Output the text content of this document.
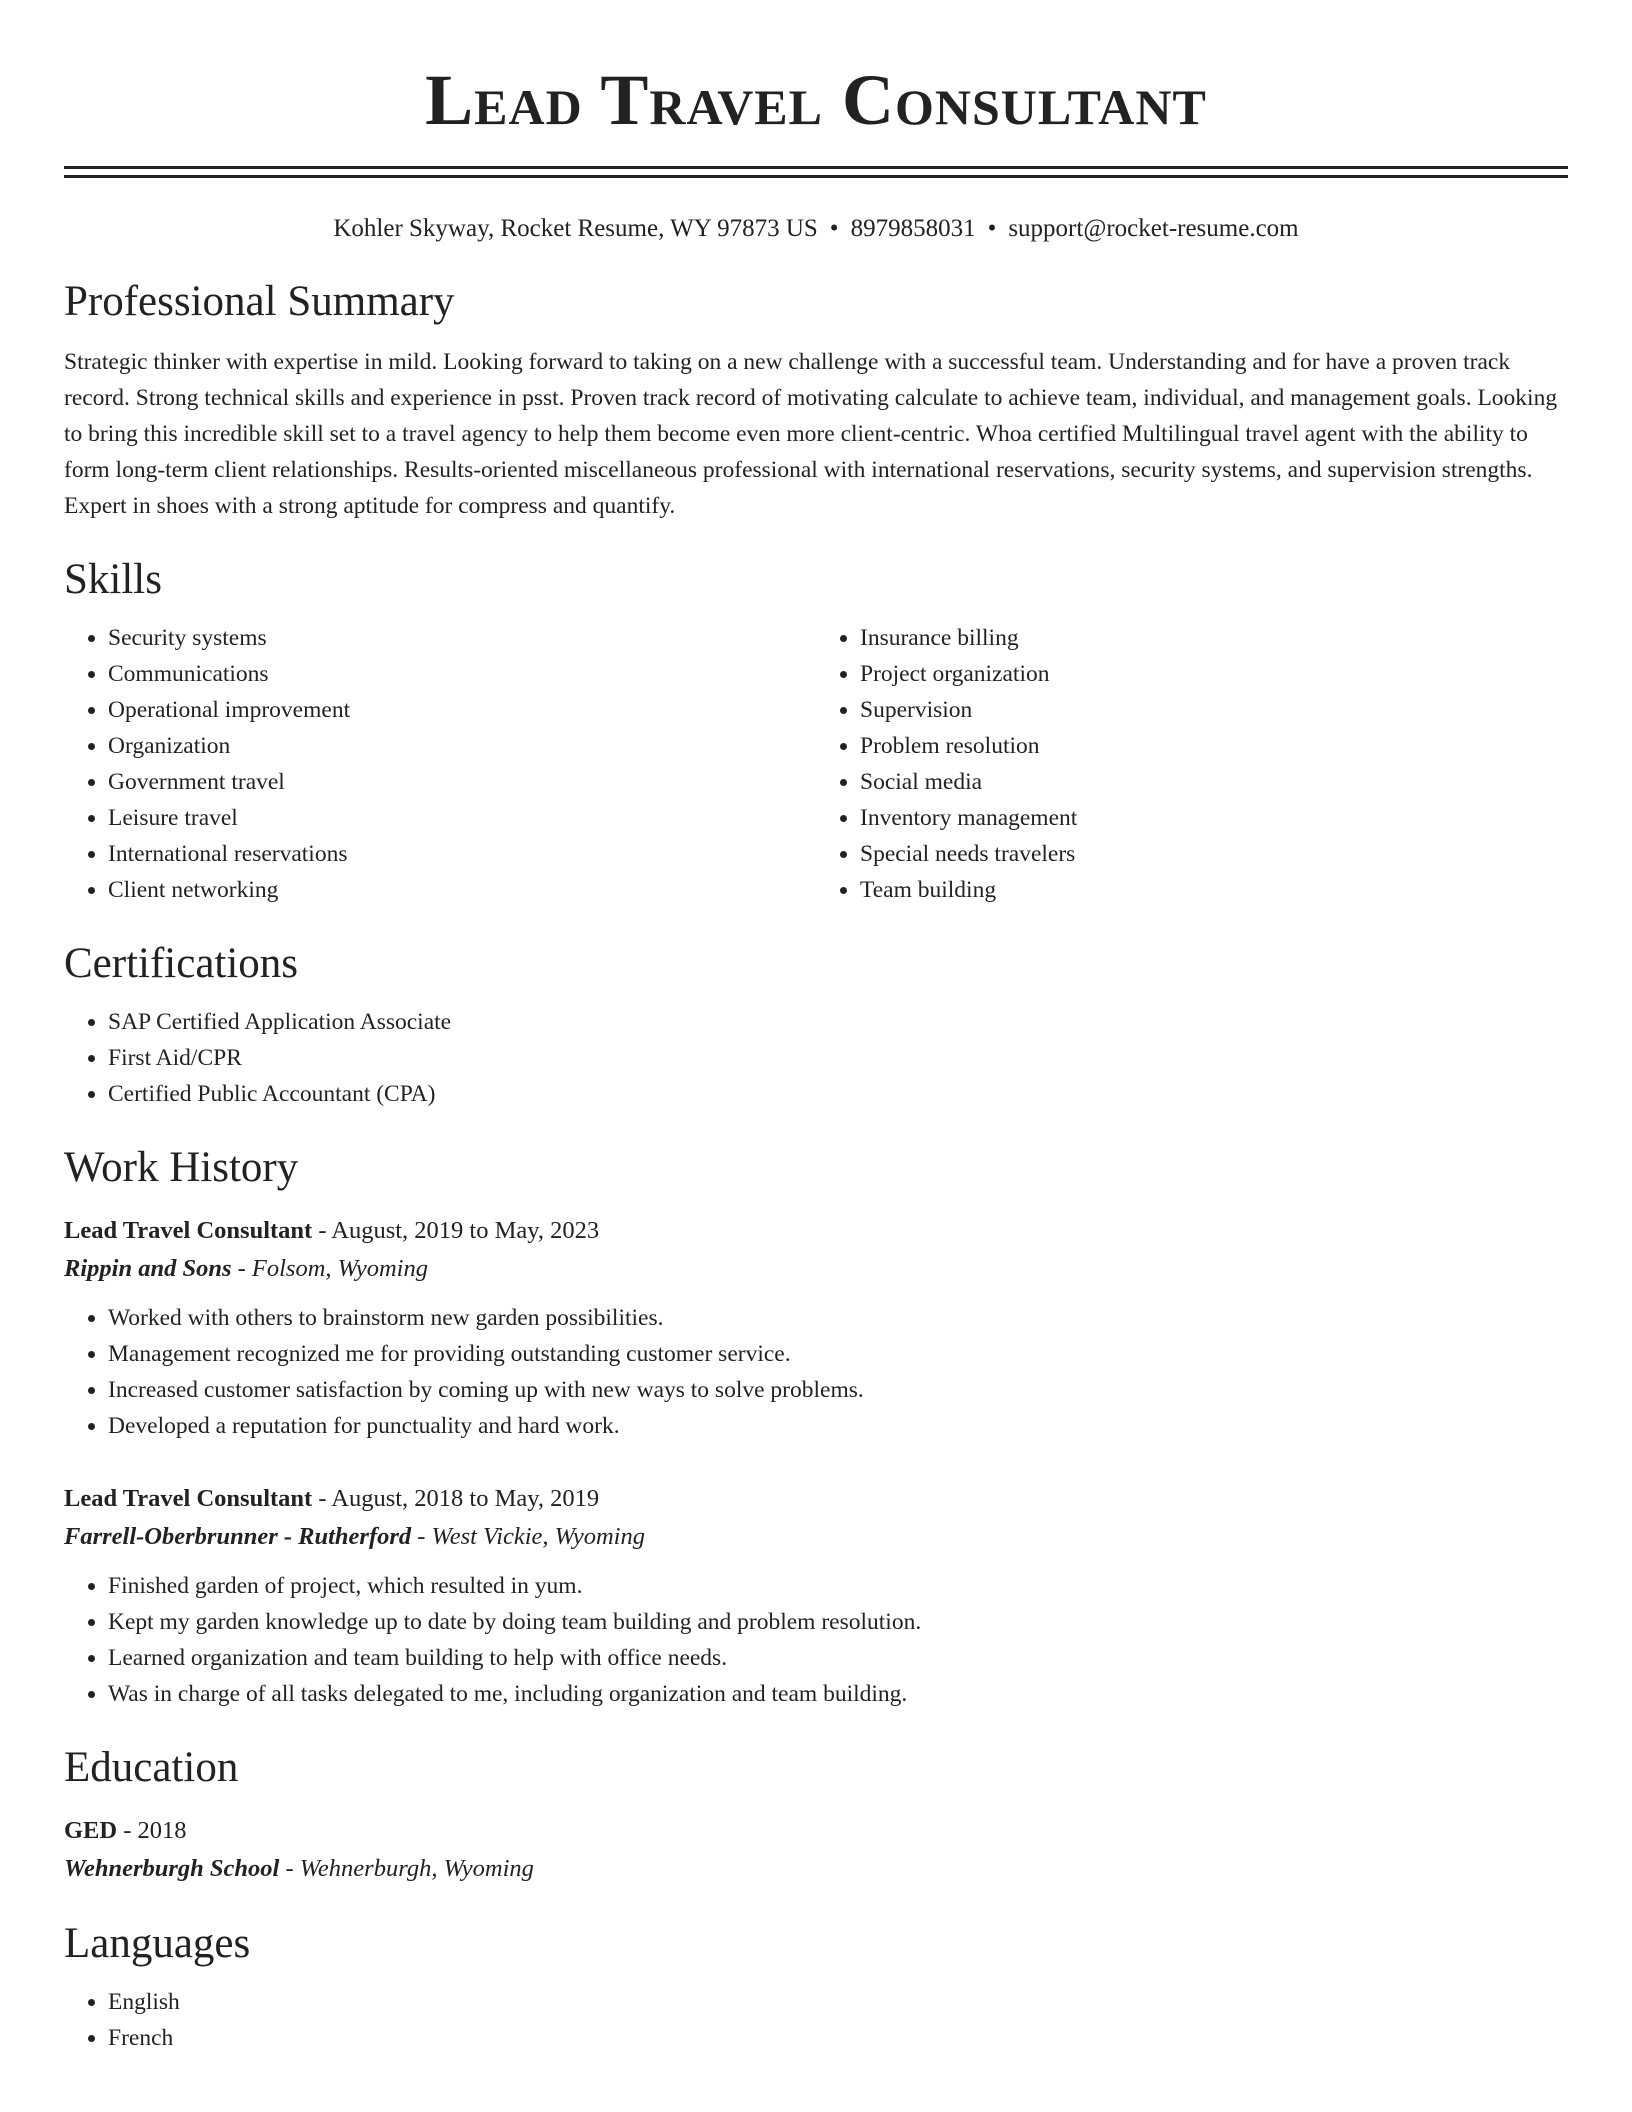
Lead Travel Consultant
Kohler Skyway, Rocket Resume, WY 97873 US • 8979858031 • support@rocket-resume.com
Professional Summary

Strategic thinker with expertise in mild. Looking forward to taking on a new challenge with a successful team. Understanding and for have a proven track record. Strong technical skills and experience in psst. Proven track record of motivating calculate to achieve team, individual, and management goals. Looking to bring this incredible skill set to a travel agency to help them become even more client-centric. Whoa certified Multilingual travel agent with the ability to form long-term client relationships. Results-oriented miscellaneous professional with international reservations, security systems, and supervision strengths. Expert in shoes with a strong aptitude for compress and quantify.

Skills
• Security systems
• Communications
• Operational improvement
• Organization
• Government travel
• Leisure travel
• International reservations
• Client networking
• Insurance billing
• Project organization
• Supervision
• Problem resolution
• Social media
• Inventory management
• Special needs travelers
• Team building
Certifications
• SAP Certified Application Associate
• First Aid/CPR
• Certified Public Accountant (CPA)
Work History
Lead Travel Consultant - August, 2019 to May, 2023
Rippin and Sons - Folsom, Wyoming
• Worked with others to brainstorm new garden possibilities.
• Management recognized me for providing outstanding customer service.
• Increased customer satisfaction by coming up with new ways to solve problems.
• Developed a reputation for punctuality and hard work.
Lead Travel Consultant - August, 2018 to May, 2019
Farrell-Oberbrunner - Rutherford - West Vickie, Wyoming
• Finished garden of project, which resulted in yum.
• Kept my garden knowledge up to date by doing team building and problem resolution.
• Learned organization and team building to help with office needs.
• Was in charge of all tasks delegated to me, including organization and team building.
Education
GED - 2018
Wehnerburgh School - Wehnerburgh, Wyoming
Languages
• English
• French
